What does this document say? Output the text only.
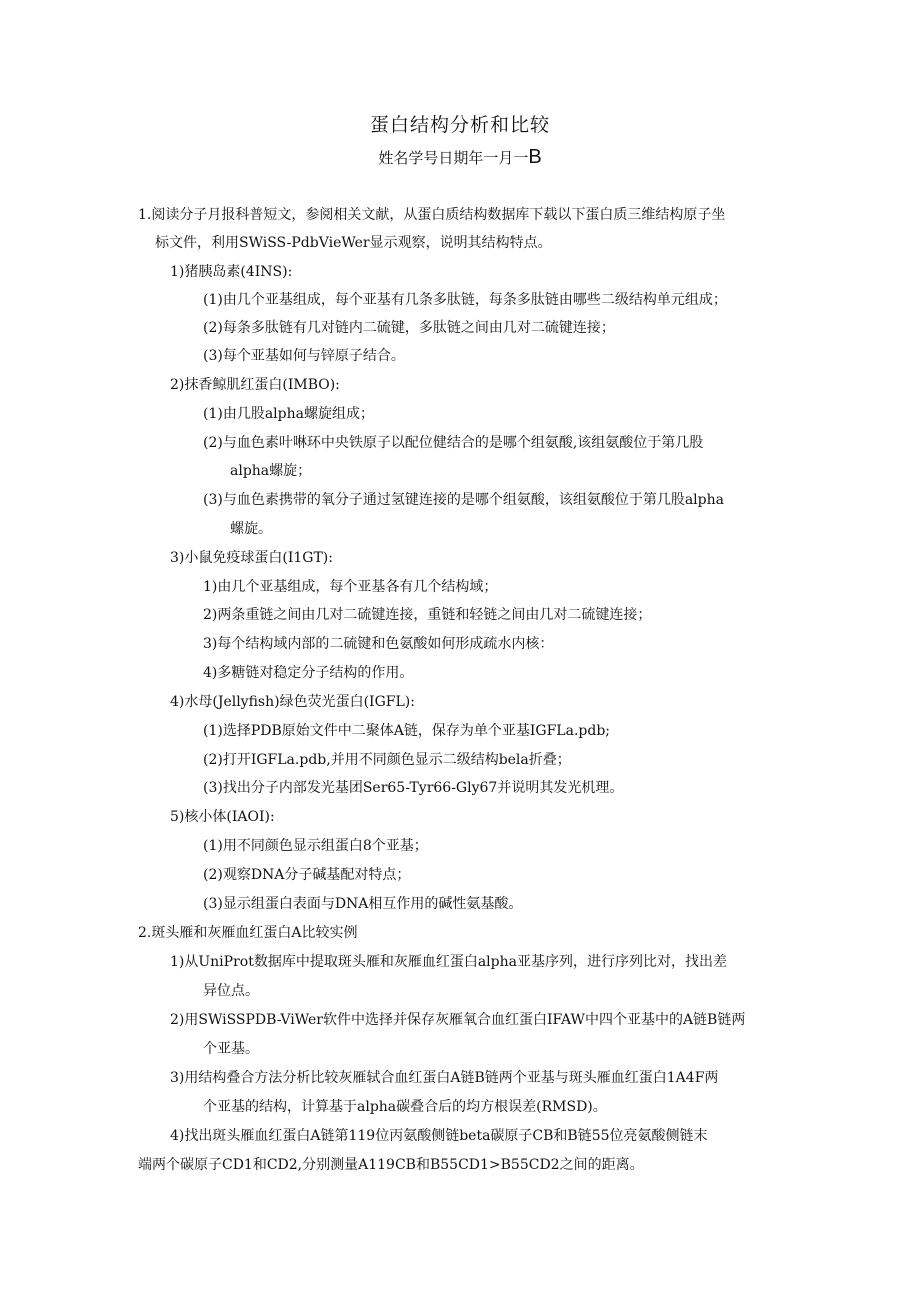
蛋白结构分析和比较
姓名学号日期年一月一B
1.阅读分子月报科普短文，参阅相关文献，从蛋白质结构数据库下载以下蛋白质三维结构原子坐
标文件，利用SWiSS-PdbVieWer显示观察，说明其结构特点。
1)猪胰岛素(4INS):
(1)由几个亚基组成，每个亚基有几条多肽链，每条多肽链由哪些二级结构单元组成；
(2)每条多肽链有几对链内二硫键，多肽链之间由几对二硫键连接；
(3)每个亚基如何与锌原子结合。
2)抹香鲸肌红蛋白(IMBO):
(1)由几股alpha螺旋组成；
(2)与血色素叶啉环中央铁原子以配位健结合的是哪个组氨酸,该组氨酸位于第几股
alpha螺旋；
(3)与血色素携带的氧分子通过氢键连接的是哪个组氨酸，该组氨酸位于第几股alpha
螺旋。
3)小鼠免疫球蛋白(I1GT):
1)由几个亚基组成，每个亚基各有几个结构域；
2)两条重链之间由几对二硫键连接，重链和轻链之间由几对二硫键连接；
3)每个结构域内部的二硫键和色氨酸如何形成疏水内核：
4)多糖链对稳定分子结构的作用。
4)水母(Jellyfish)绿色荧光蛋白(IGFL):
(1)选择PDB原始文件中二聚体A链，保存为单个亚基IGFLa.pdb;
(2)打开IGFLa.pdb,并用不同颜色显示二级结构bela折叠；
(3)找出分子内部发光基团Ser65-Tyr66-Gly67并说明其发光机理。
5)核小体(IAOI):
(1)用不同颜色显示组蛋白8个亚基；
(2)观察DNA分子碱基配对特点；
(3)显示组蛋白表面与DNA相互作用的碱性氨基酸。
2.斑头雁和灰雁血红蛋白A比较实例
1)从UniProt数据库中提取斑头雁和灰雁血红蛋白alpha亚基序列，进行序列比对，找出差
异位点。
2)用SWiSSPDB-ViWer软件中选择并保存灰雁氧合血红蛋白IFAW中四个亚基中的A链B链两
个亚基。
3)用结构叠合方法分析比较灰雁轼合血红蛋白A链B链两个亚基与斑头雁血红蛋白1A4F两
个亚基的结构，计算基于alpha碳叠合后的均方根误差(RMSD)。
4)找出斑头雁血红蛋白A链第119位丙氨酸侧链beta碳原子CB和B链55位亮氨酸侧链末
端两个碳原子CD1和CD2,分别测量A119CB和B55CD1>B55CD2之间的距离。
